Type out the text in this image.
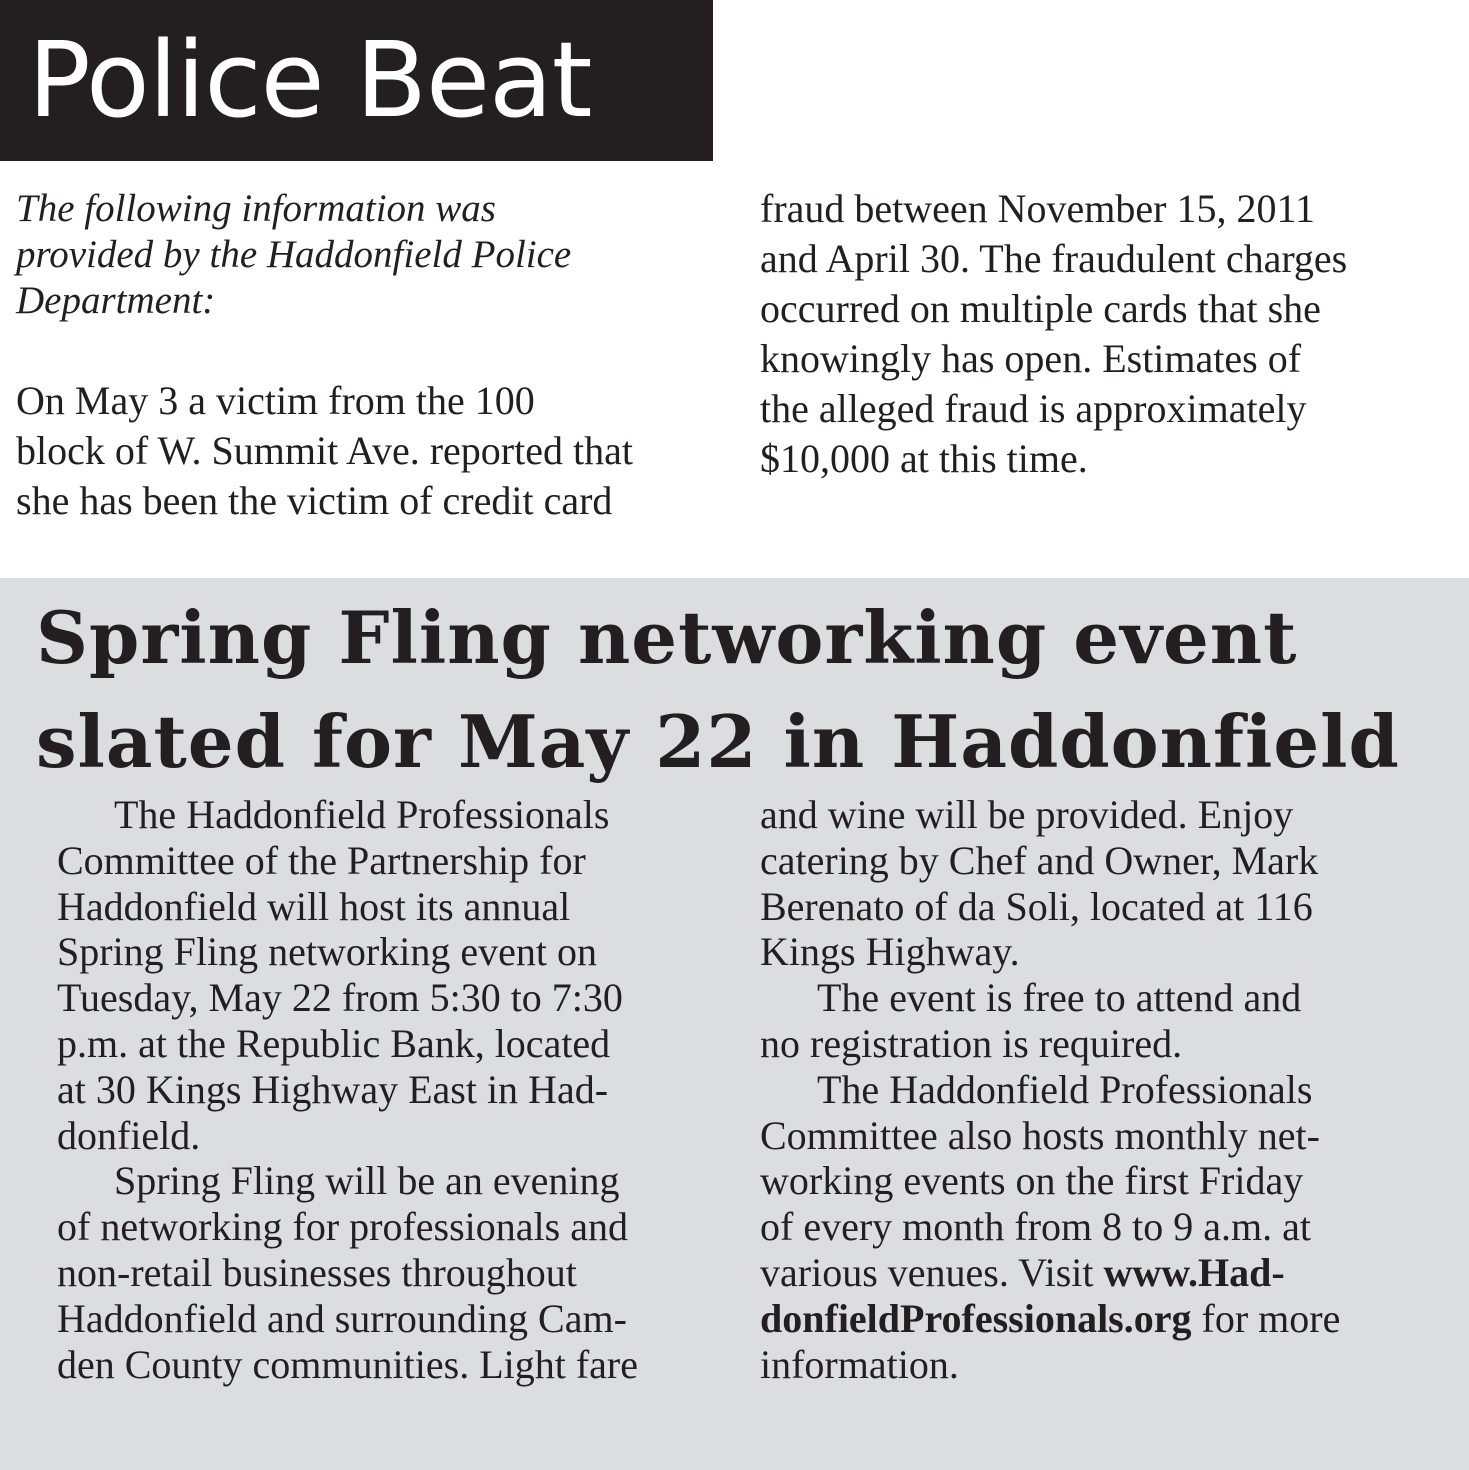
Police Beat
The following information was
provided by the Haddonfield Police
Department:
On May 3 a victim from the 100
block of W. Summit Ave. reported that
she has been the victim of credit card
fraud between November 15, 2011
and April 30. The fraudulent charges
occurred on multiple cards that she
knowingly has open. Estimates of
the alleged fraud is approximately
$10,000 at this time.
Spring Fling networking event
slated for May 22 in Haddonfield
The Haddonfield Professionals
Committee of the Partnership for
Haddonfield will host its annual
Spring Fling networking event on
Tuesday, May 22 from 5:30 to 7:30
p.m. at the Republic Bank, located
at 30 Kings Highway East in Had-
donfield.
Spring Fling will be an evening
of networking for professionals and
non-retail businesses throughout
Haddonfield and surrounding Cam-
den County communities. Light fare
and wine will be provided. Enjoy
catering by Chef and Owner, Mark
Berenato of da Soli, located at 116
Kings Highway.
The event is free to attend and
no registration is required.
The Haddonfield Professionals
Committee also hosts monthly net-
working events on the first Friday
of every month from 8 to 9 a.m. at
various venues. Visit www.Had-
donfieldProfessionals.org for more
information.
